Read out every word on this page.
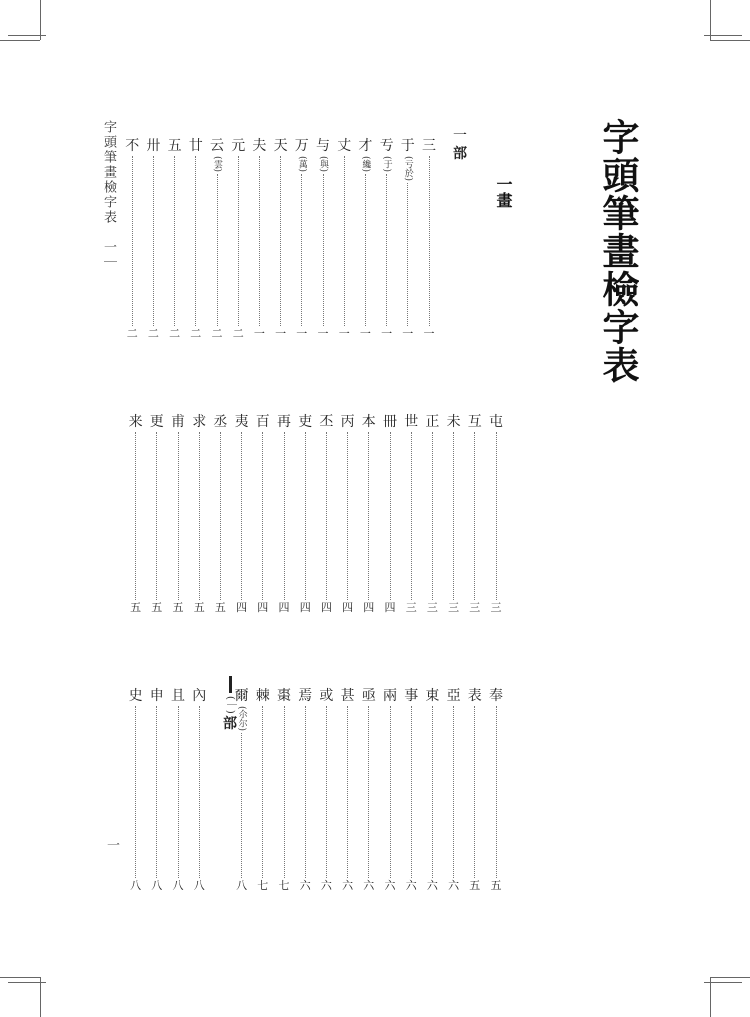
字頭筆畫檢字表
一畫
字頭筆畫檢字表　一｜
一
一
部
(｜)
部
三
一
于
(亏於)
一
亐
(于)
一
才
(纔)
一
丈
一
与
(與)
一
万
(萬)
一
天
一
夫
一
元
二
云
(雲)
二
廿
二
五
二
卅
二
不
二
屯
三
互
三
未
三
正
三
世
三
冊
四
本
四
丙
四
丕
四
吏
四
再
四
百
四
夷
四
丞
五
求
五
甫
五
更
五
来
五
奉
五
表
五
亞
六
東
六
事
六
兩
六
亟
六
甚
六
或
六
焉
六
棗
七
棘
七
爾
(尒尔)
八
內
八
且
八
申
八
史
八
